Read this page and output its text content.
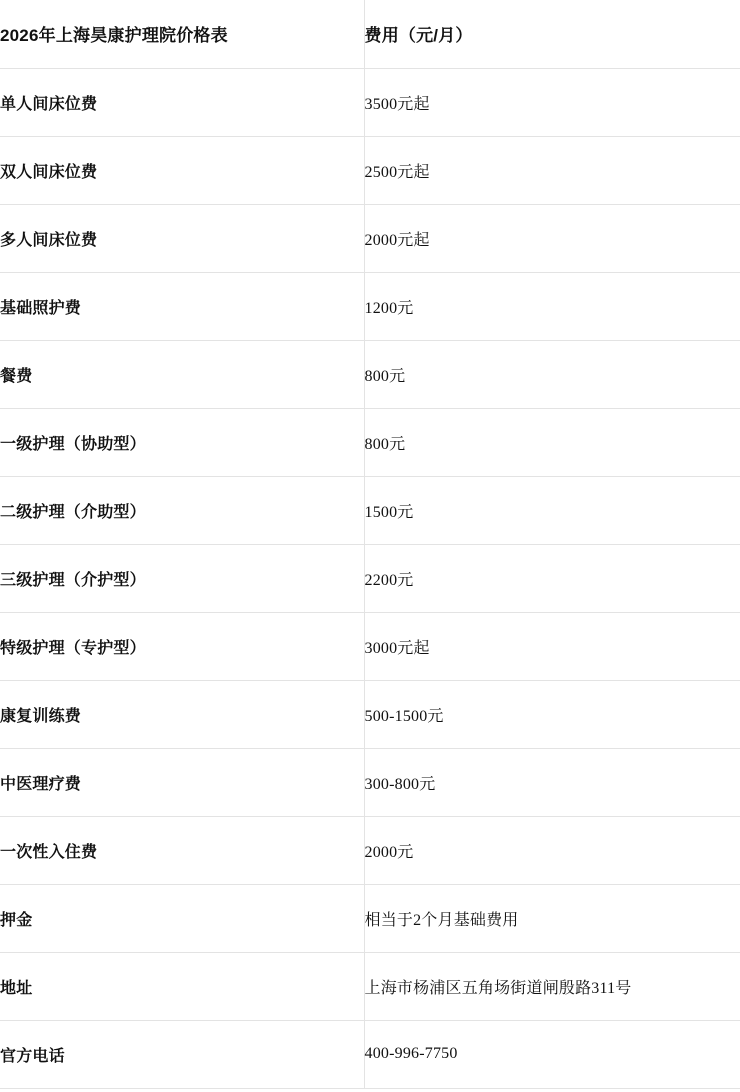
2026年上海昊康护理院价格表	费用（元/月）
单人间床位费	3500元起
双人间床位费	2500元起
多人间床位费	2000元起
基础照护费	1200元
餐费	800元
一级护理（协助型）	800元
二级护理（介助型）	1500元
三级护理（介护型）	2200元
特级护理（专护型）	3000元起
康复训练费	500-1500元
中医理疗费	300-800元
一次性入住费	2000元
押金	相当于2个月基础费用
地址	上海市杨浦区五角场街道闸殷路311号
官方电话	400-996-7750
